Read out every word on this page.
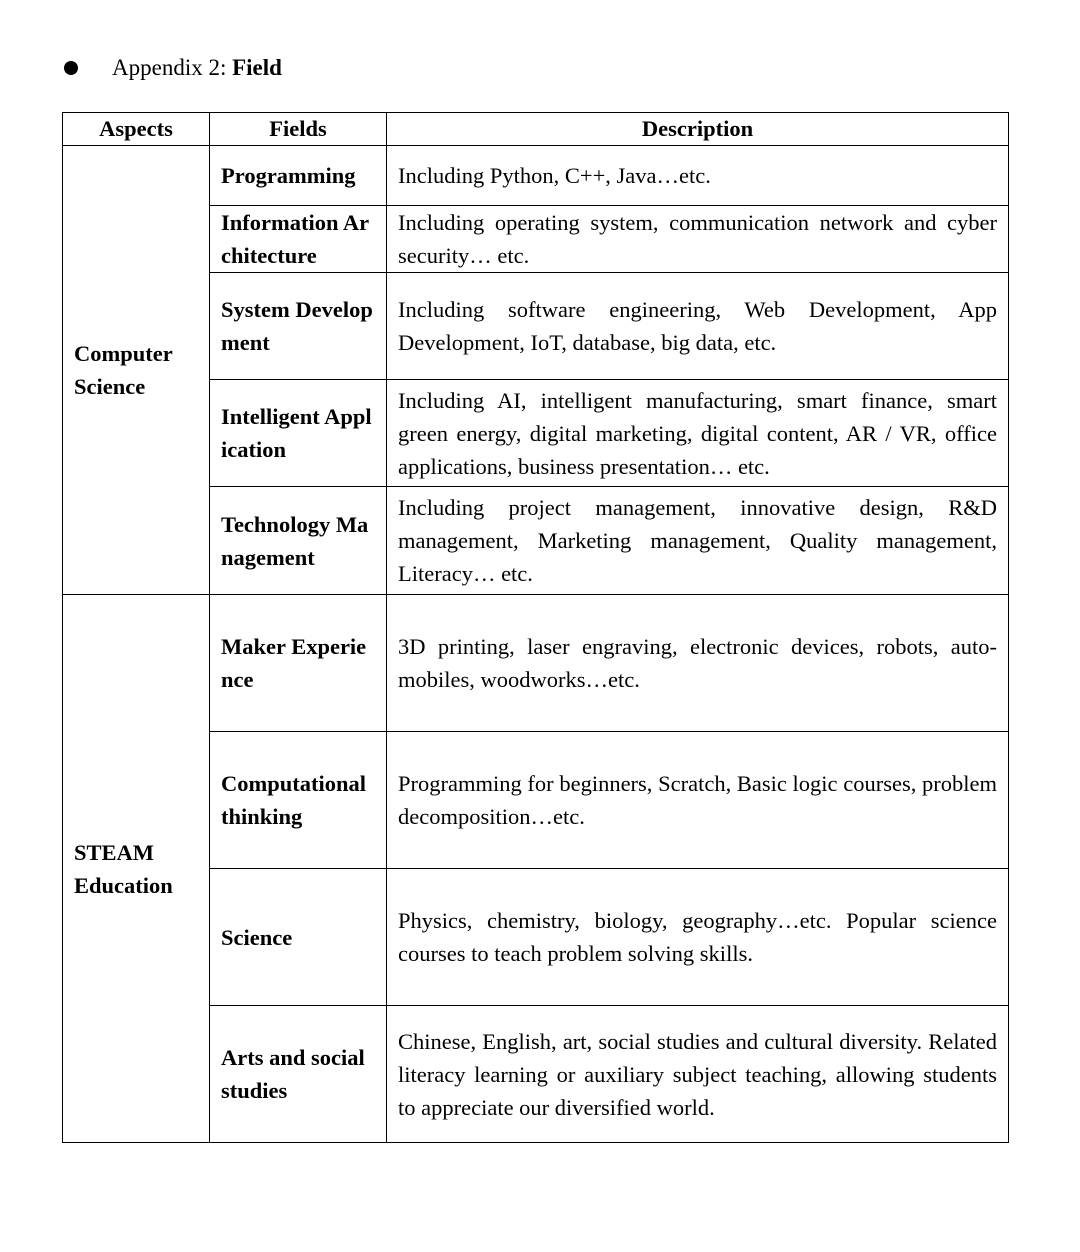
Appendix 2: Field
Aspects	Fields	Description
Computer Science	Programming	Including Python, C++, Java…etc.
	Information Architecture	Including operating system, communication network and cyber security… etc.
	System Development	Including software engineering, Web Development, App Development, IoT, database, big data, etc.
	Intelligent Application	Including AI, intelligent manufacturing, smart finance, smart green energy, digital marketing, digital content, AR / VR, office applications, business presentation… etc.
	Technology Management	Including project management, innovative design, R&D management, Marketing management, Quality management, Literacy… etc.
STEAM Education	Maker Experience	3D printing, laser engraving, electronic devices, robots, auto-mobiles, woodworks…etc.
	Computational thinking	Programming for beginners, Scratch, Basic logic courses, problem decomposition…etc.
	Science	Physics, chemistry, biology, geography…etc. Popular science courses to teach problem solving skills.
	Arts and social studies	Chinese, English, art, social studies and cultural diversity. Related literacy learning or auxiliary subject teaching, allowing students to appreciate our diversified world.
